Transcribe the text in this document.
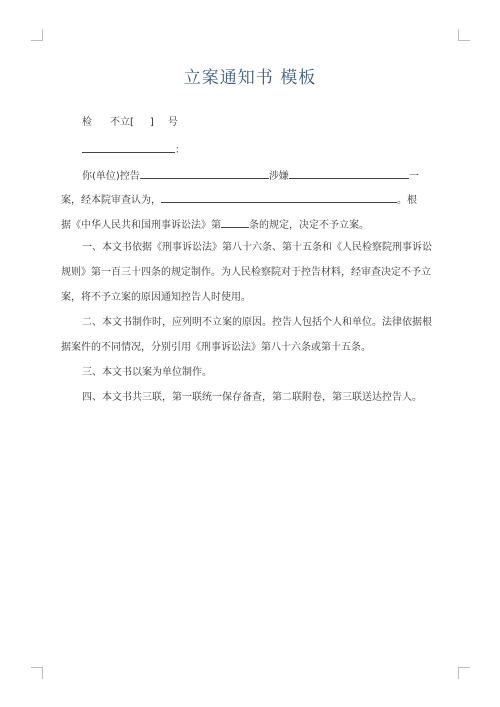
立案通知书 模板
检 不立[ ] 号
：
你(单位)控告	涉嫌	一
案，经本院审查认为，	。根
据《中华人民共和国刑事诉讼法》第	条的规定，决定不予立案。
一、本文书依据《刑事诉讼法》第八十六条、第十五条和《人民检察院刑事诉讼
规则》第一百三十四条的规定制作。为人民检察院对于控告材料，经审查决定不予立
案，将不予立案的原因通知控告人时使用。
二、本文书制作时，应列明不立案的原因。控告人包括个人和单位。法律依据根
据案件的不同情况，分别引用《刑事诉讼法》第八十六条或第十五条。
三、本文书以案为单位制作。
四、本文书共三联，第一联统一保存备查，第二联附卷，第三联送达控告人。
